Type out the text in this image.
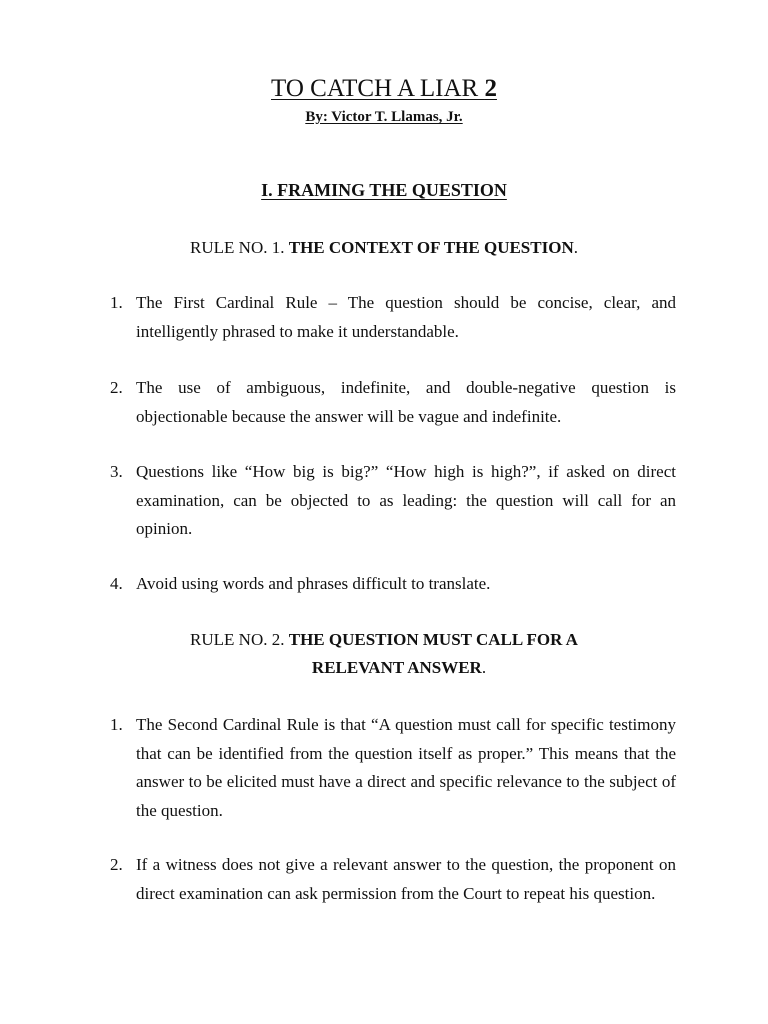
TO CATCH A LIAR 2
By: Victor T. Llamas, Jr.
I. FRAMING THE QUESTION
RULE NO. 1. THE CONTEXT OF THE QUESTION.
1. The First Cardinal Rule – The question should be concise, clear, and intelligently phrased to make it understandable.
2. The use of ambiguous, indefinite, and double-negative question is objectionable because the answer will be vague and indefinite.
3. Questions like “How big is big?” “How high is high?”, if asked on direct examination, can be objected to as leading: the question will call for an opinion.
4. Avoid using words and phrases difficult to translate.
RULE NO. 2. THE QUESTION MUST CALL FOR A
RELEVANT ANSWER.
1. The Second Cardinal Rule is that “A question must call for specific testimony that can be identified from the question itself as proper.” This means that the answer to be elicited must have a direct and specific relevance to the subject of the question.
2. If a witness does not give a relevant answer to the question, the proponent on direct examination can ask permission from the Court to repeat his question.
